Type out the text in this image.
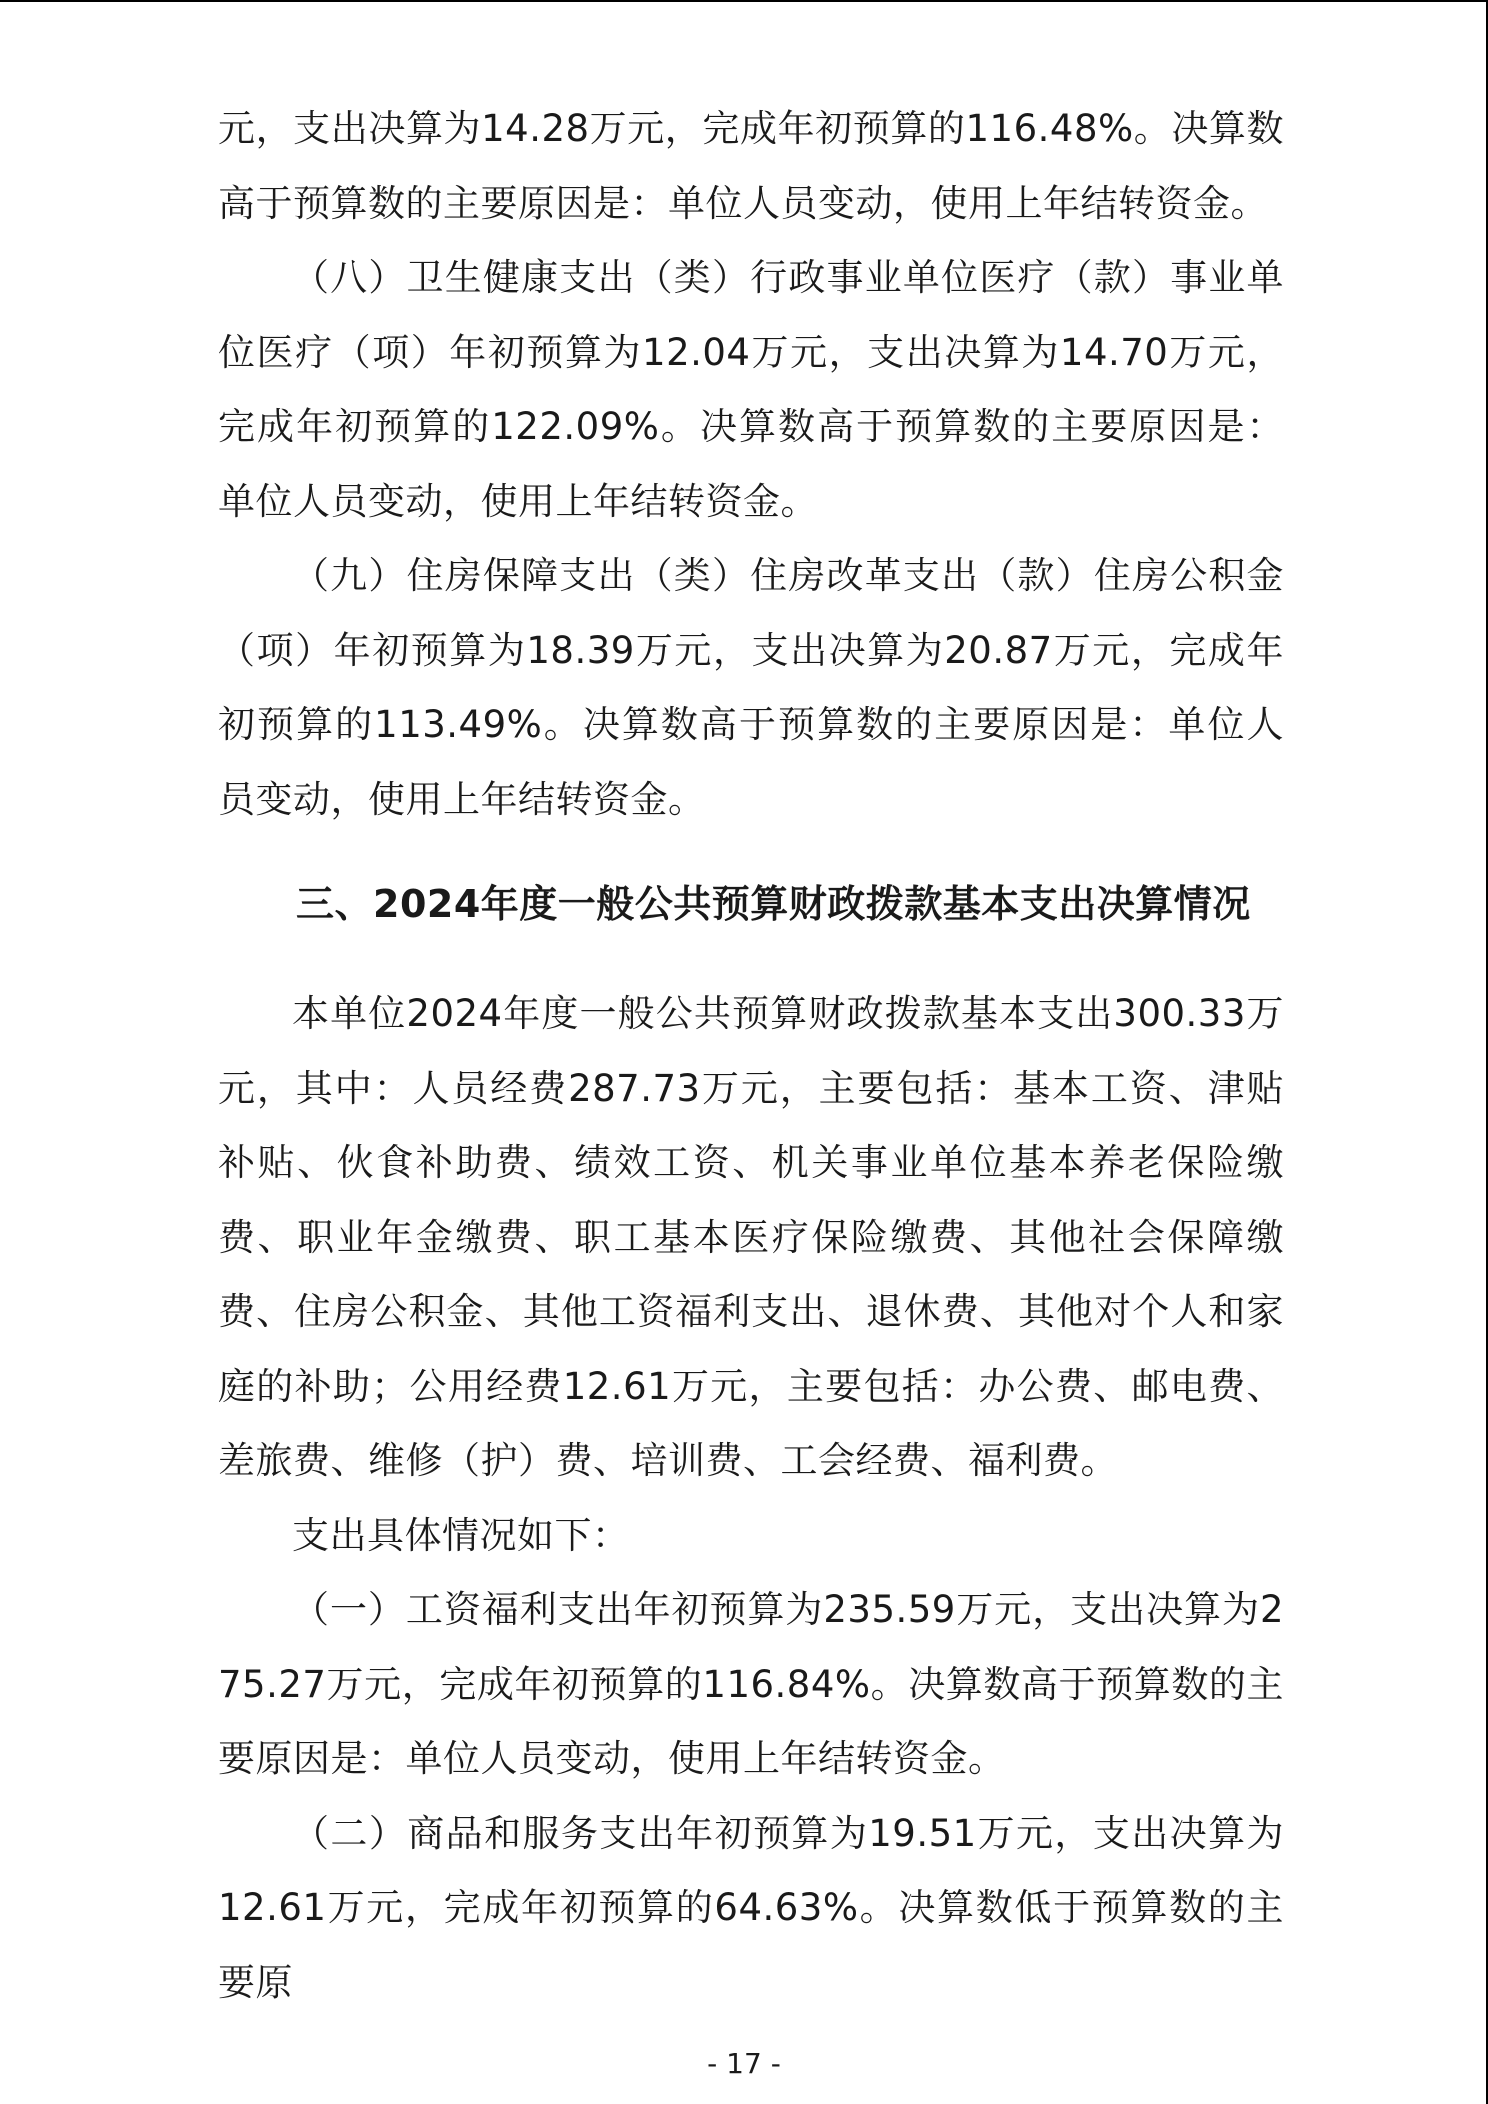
元，支出决算为14.28万元，完成年初预算的116.48%。决算数高于预算数的主要原因是：单位人员变动，使用上年结转资金。

（八）卫生健康支出（类）行政事业单位医疗（款）事业单位医疗（项）年初预算为12.04万元，支出决算为14.70万元，完成年初预算的122.09%。决算数高于预算数的主要原因是：单位人员变动，使用上年结转资金。

（九）住房保障支出（类）住房改革支出（款）住房公积金（项）年初预算为18.39万元，支出决算为20.87万元，完成年初预算的113.49%。决算数高于预算数的主要原因是：单位人员变动，使用上年结转资金。

三、2024年度一般公共预算财政拨款基本支出决算情况

本单位2024年度一般公共预算财政拨款基本支出300.33万元，其中：人员经费287.73万元，主要包括：基本工资、津贴补贴、伙食补助费、绩效工资、机关事业单位基本养老保险缴费、职业年金缴费、职工基本医疗保险缴费、其他社会保障缴费、住房公积金、其他工资福利支出、退休费、其他对个人和家庭的补助；公用经费12.61万元，主要包括：办公费、邮电费、差旅费、维修（护）费、培训费、工会经费、福利费。

支出具体情况如下：

（一）工资福利支出年初预算为235.59万元，支出决算为275.27万元，完成年初预算的116.84%。决算数高于预算数的主要原因是：单位人员变动，使用上年结转资金。

（二）商品和服务支出年初预算为19.51万元，支出决算为12.61万元，完成年初预算的64.63%。决算数低于预算数的主要原

- 17 -
